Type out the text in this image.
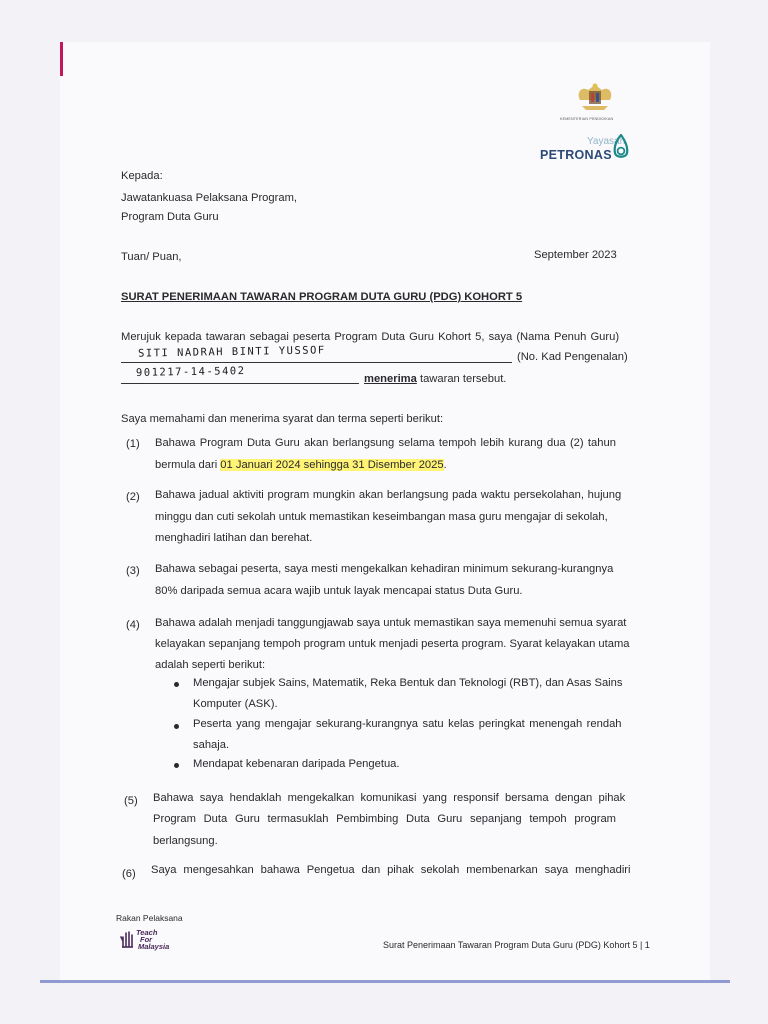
KEMENTERIAN PENDIDIKAN
Yayasan
PETRONAS
Kepada:
Jawatankuasa Pelaksana Program,
Program Duta Guru
Tuan/ Puan,	September 2023
SURAT PENERIMAAN TAWARAN PROGRAM DUTA GURU (PDG) KOHORT 5
Merujuk kepada tawaran sebagai peserta Program Duta Guru Kohort 5, saya (Nama Penuh Guru)
SITI NADRAH BINTI YUSSOF	(No. Kad Pengenalan)
901217-14-5402
menerima tawaran tersebut.
Saya memahami dan menerima syarat dan terma seperti berikut:
(1) Bahawa Program Duta Guru akan berlangsung selama tempoh lebih kurang dua (2) tahun
bermula dari 01 Januari 2024 sehingga 31 Disember 2025.
(2) Bahawa jadual aktiviti program mungkin akan berlangsung pada waktu persekolahan, hujung
minggu dan cuti sekolah untuk memastikan keseimbangan masa guru mengajar di sekolah,
menghadiri latihan dan berehat.
(3) Bahawa sebagai peserta, saya mesti mengekalkan kehadiran minimum sekurang-kurangnya
80% daripada semua acara wajib untuk layak mencapai status Duta Guru.
(4) Bahawa adalah menjadi tanggungjawab saya untuk memastikan saya memenuhi semua syarat
kelayakan sepanjang tempoh program untuk menjadi peserta program. Syarat kelayakan utama
adalah seperti berikut:
Mengajar subjek Sains, Matematik, Reka Bentuk dan Teknologi (RBT), dan Asas Sains
Komputer (ASK).
Peserta yang mengajar sekurang-kurangnya satu kelas peringkat menengah rendah
sahaja.
Mendapat kebenaran daripada Pengetua.
(5) Bahawa saya hendaklah mengekalkan komunikasi yang responsif bersama dengan pihak
Program Duta Guru termasuklah Pembimbing Duta Guru sepanjang tempoh program
berlangsung.
(6) Saya mengesahkan bahawa Pengetua dan pihak sekolah membenarkan saya menghadiri
Rakan Pelaksana
Teach
For
Malaysia	Surat Penerimaan Tawaran Program Duta Guru (PDG) Kohort 5 | 1
